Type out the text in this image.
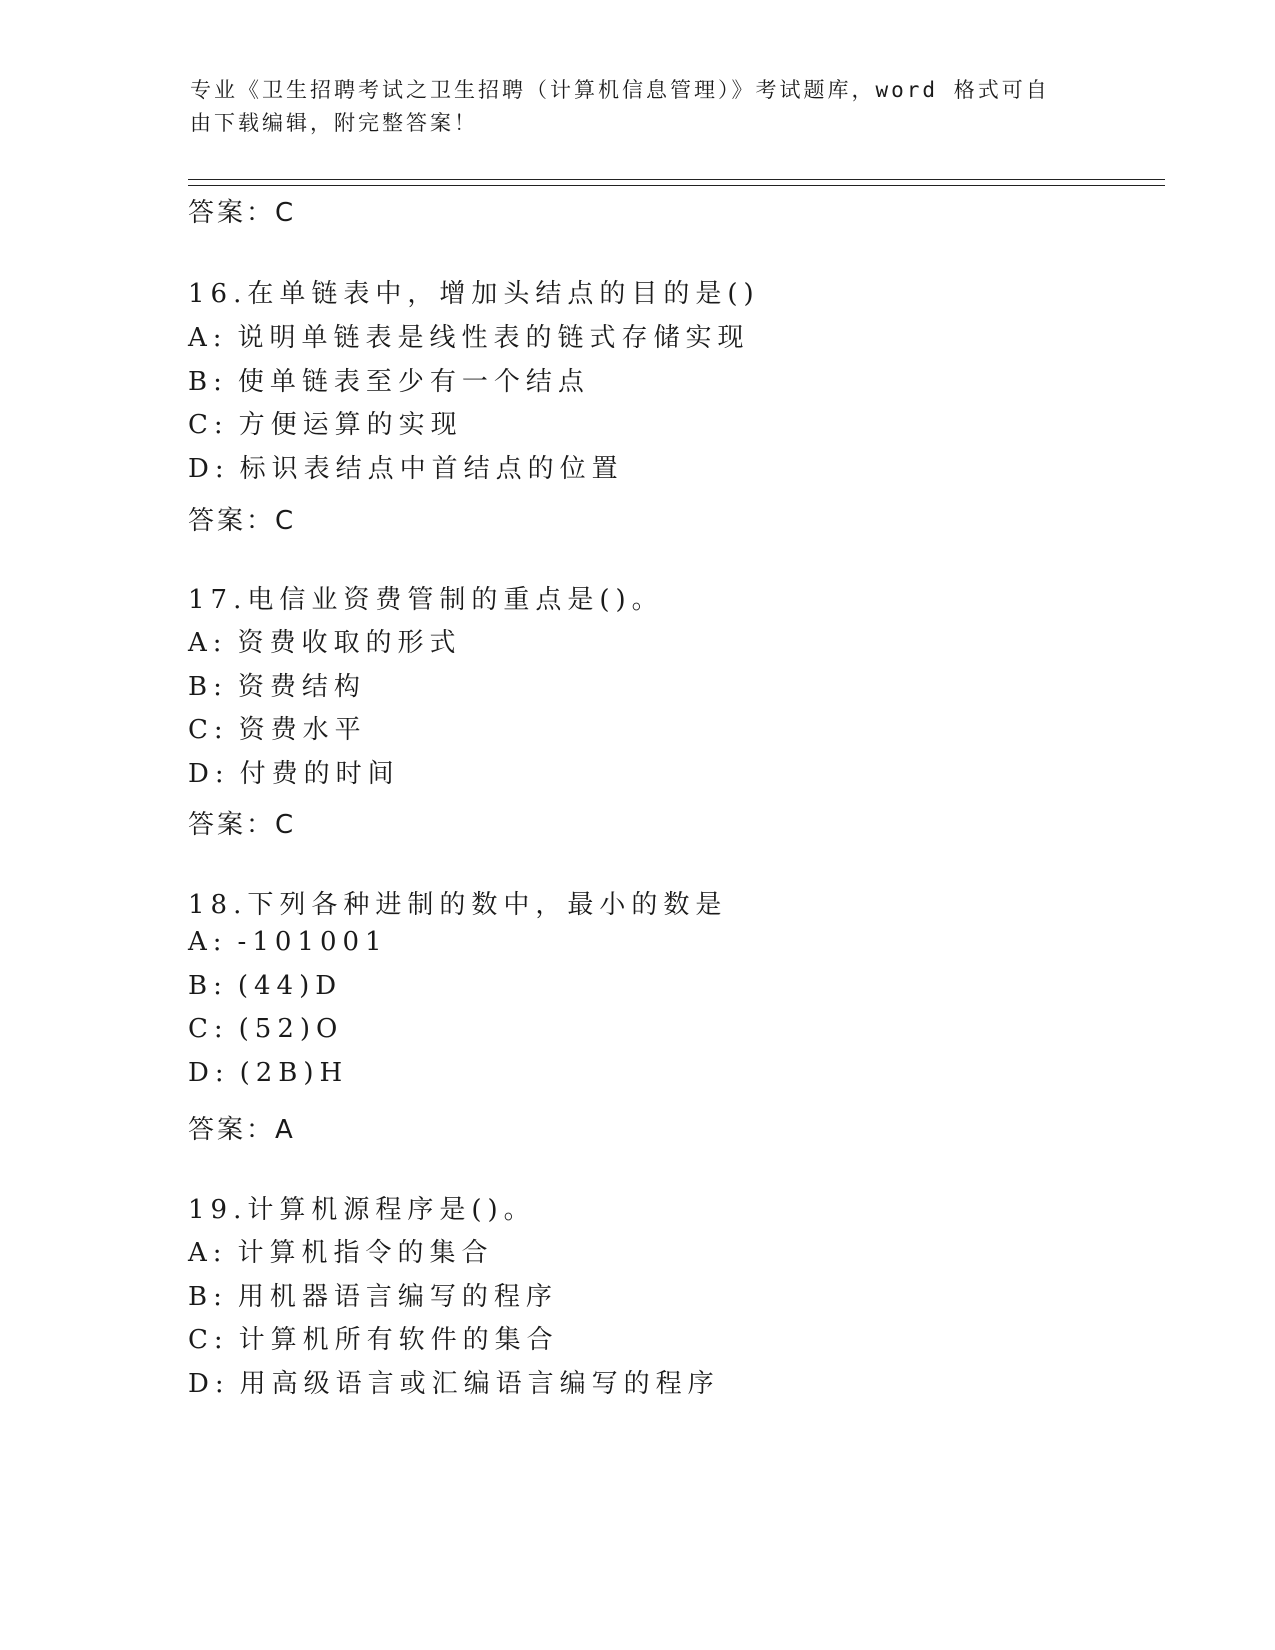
专业《卫生招聘考试之卫生招聘（计算机信息管理）》考试题库，word 格式可自
由下载编辑，附完整答案！
答案：C
16.在单链表中，增加头结点的目的是()
A: 说明单链表是线性表的链式存储实现
B: 使单链表至少有一个结点
C: 方便运算的实现
D: 标识表结点中首结点的位置
答案：C
17.电信业资费管制的重点是()。
A: 资费收取的形式
B: 资费结构
C: 资费水平
D: 付费的时间
答案：C
18.下列各种进制的数中，最小的数是
A: -101001
B: (44)D
C: (52)O
D: (2B)H
答案：A
19.计算机源程序是()。
A: 计算机指令的集合
B: 用机器语言编写的程序
C: 计算机所有软件的集合
D: 用高级语言或汇编语言编写的程序
